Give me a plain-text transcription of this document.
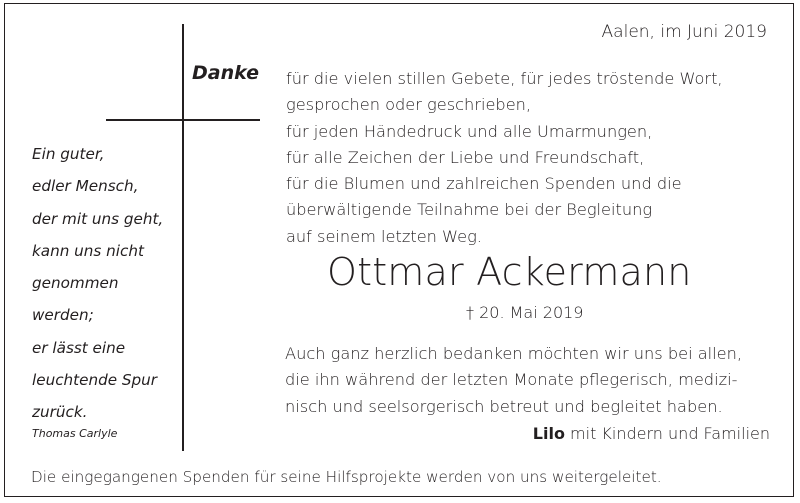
Aalen, im Juni 2019
Danke für die vielen stillen Gebete, für jedes tröstende Wort,
gesprochen oder geschrieben,
für jeden Händedruck und alle Umarmungen,
für alle Zeichen der Liebe und Freundschaft,
für die Blumen und zahlreichen Spenden und die
überwältigende Teilnahme bei der Begleitung
auf seinem letzten Weg.
Ottmar Ackermann
† 20. Mai 2019
Auch ganz herzlich bedanken möchten wir uns bei allen,
die ihn während der letzten Monate pflegerisch, medizi-
nisch und seelsorgerisch betreut und begleitet haben.
Lilo mit Kindern und Familien
Ein guter,
edler Mensch,
der mit uns geht,
kann uns nicht
genommen
werden;
er lässt eine
leuchtende Spur
zurück.
Thomas Carlyle
Die eingegangenen Spenden für seine Hilfsprojekte werden von uns weitergeleitet.
